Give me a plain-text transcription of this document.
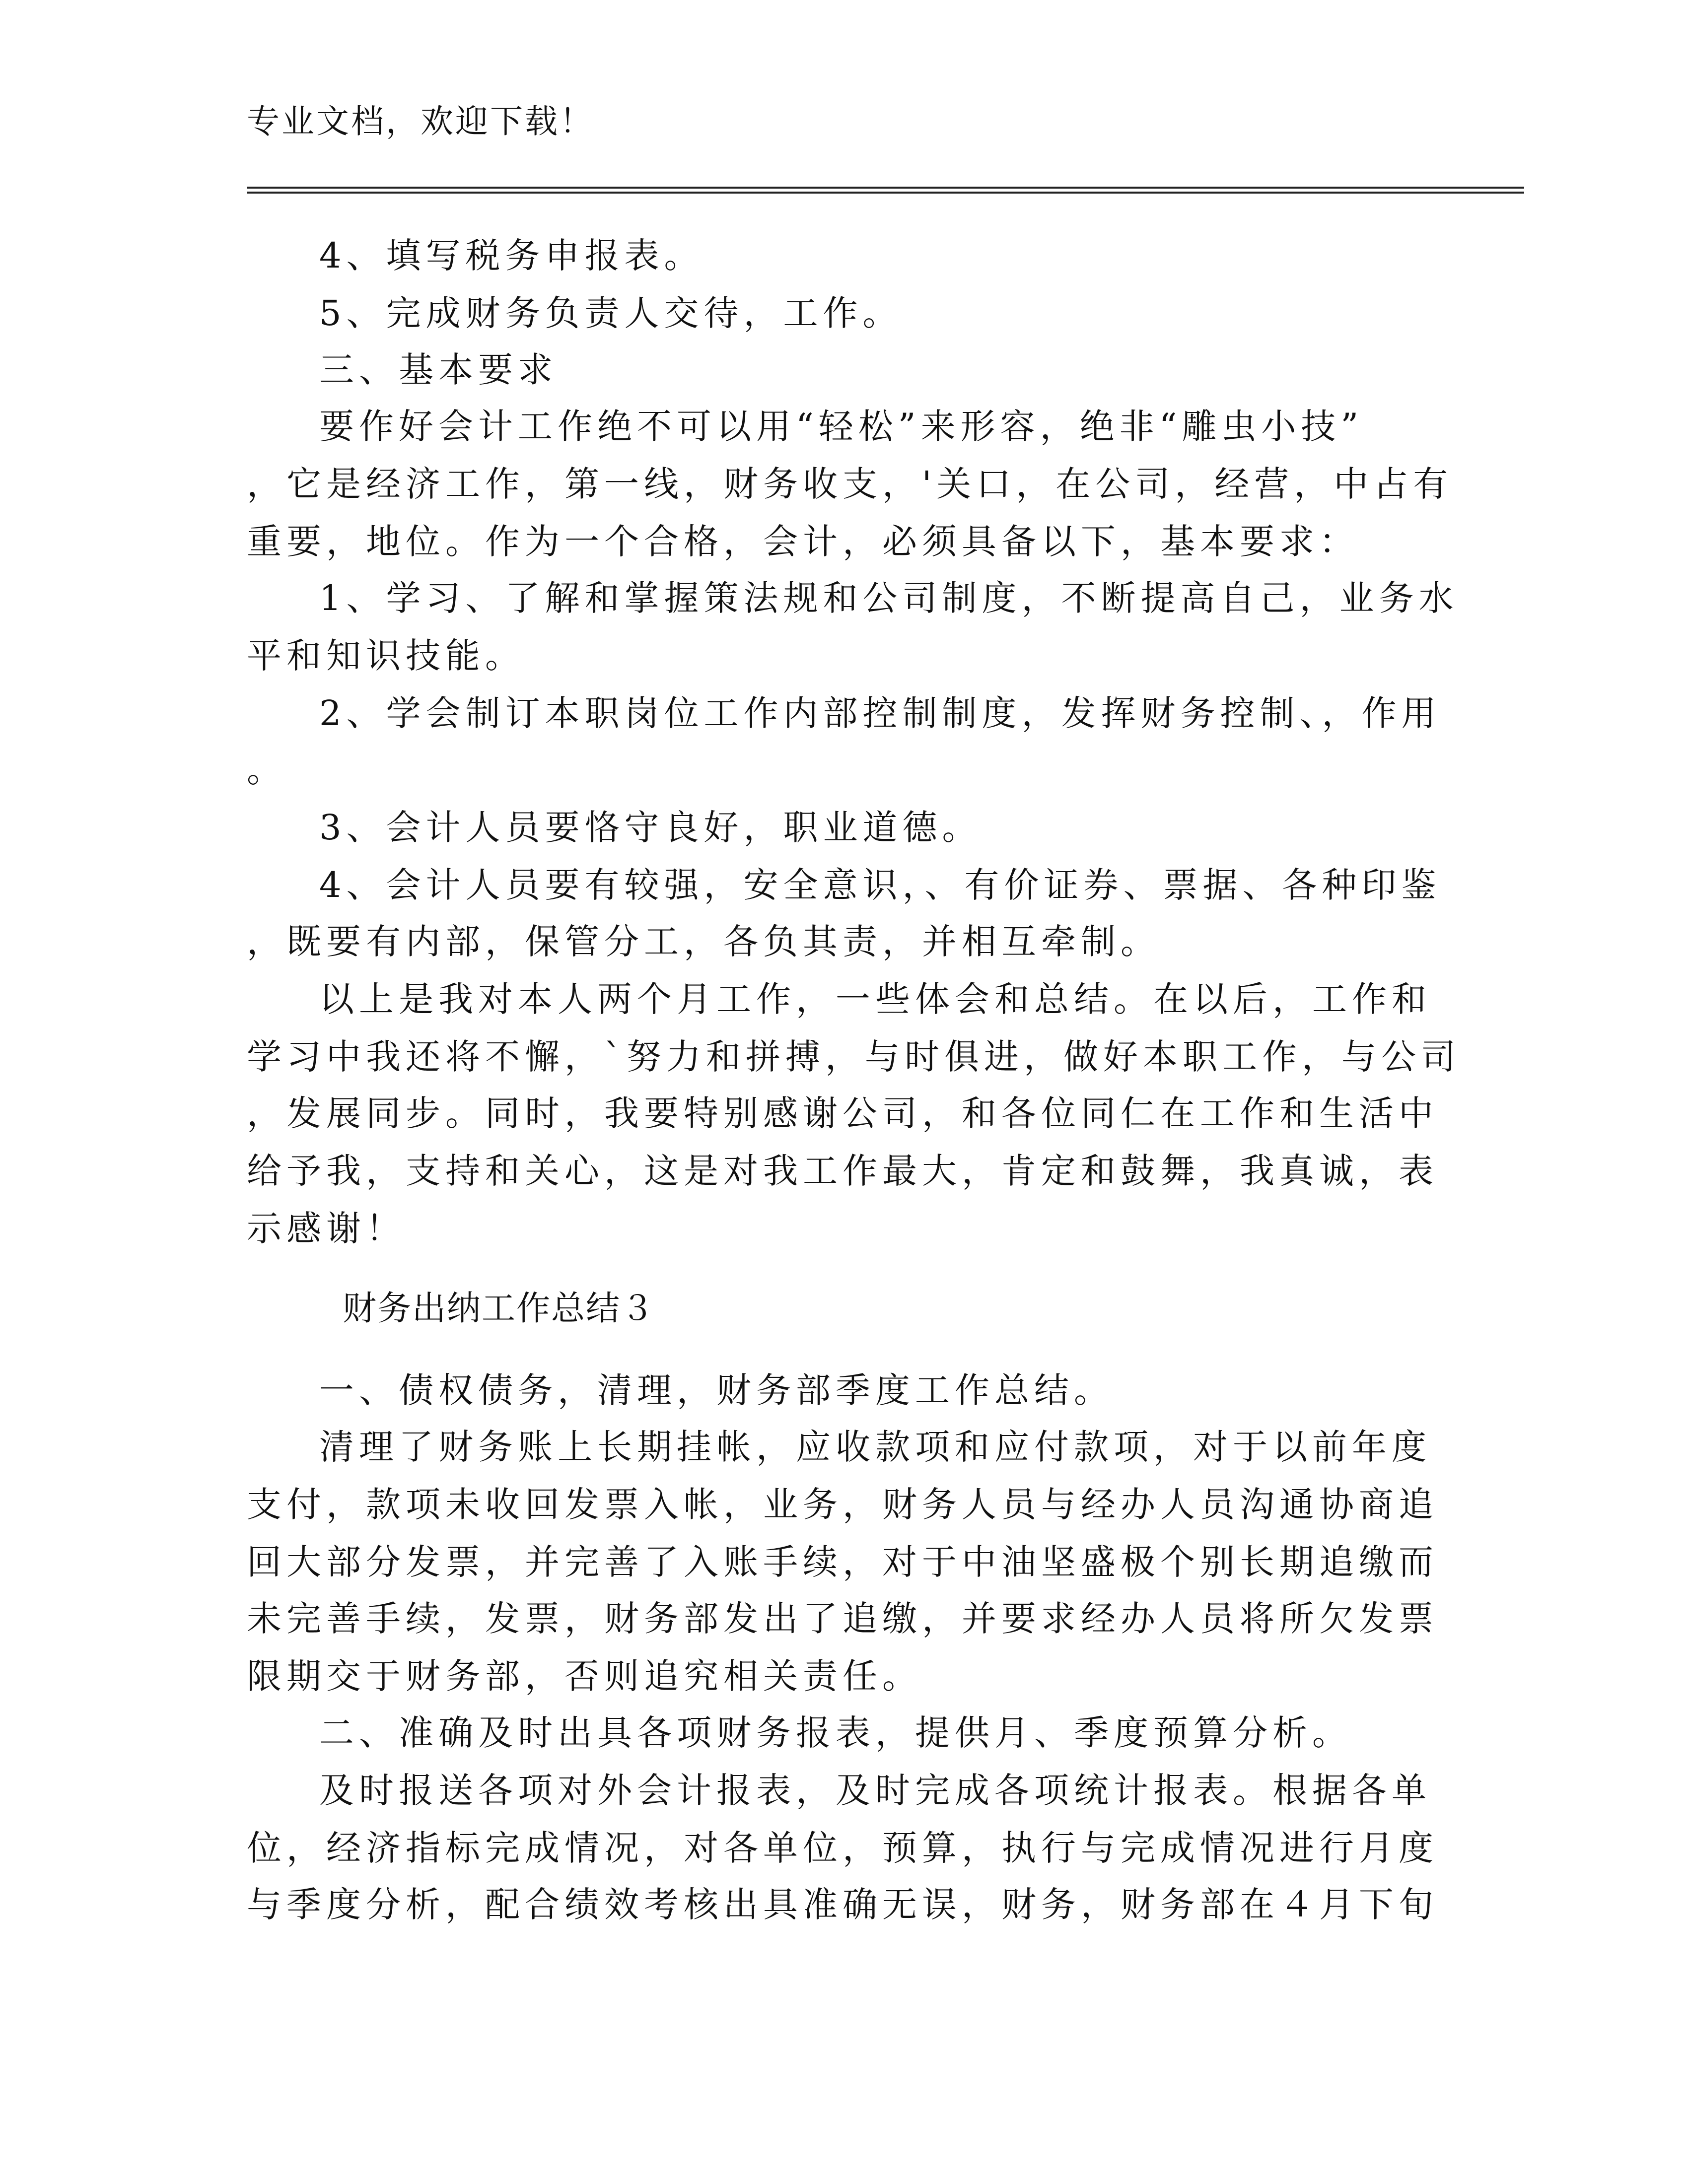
专业文档，欢迎下载！
4、填写税务申报表。
5、完成财务负责人交待，工作。
三、基本要求
要作好会计工作绝不可以用“轻松”来形容，绝非“雕虫小技”
，它是经济工作，第一线，财务收支，'关口，在公司，经营，中占有
重要，地位。作为一个合格，会计，必须具备以下，基本要求：
1、学习、了解和掌握策法规和公司制度，不断提高自己，业务水
平和知识技能。
2、学会制订本职岗位工作内部控制制度，发挥财务控制、，作用
。
3、会计人员要恪守良好，职业道德。
4、会计人员要有较强，安全意识，、有价证券、票据、各种印鉴
，既要有内部，保管分工，各负其责，并相互牵制。
以上是我对本人两个月工作，一些体会和总结。在以后，工作和
学习中我还将不懈，`努力和拼搏，与时俱进，做好本职工作，与公司
，发展同步。同时，我要特别感谢公司，和各位同仁在工作和生活中
给予我，支持和关心，这是对我工作最大，肯定和鼓舞，我真诚，表
示感谢！
财务出纳工作总结３
一、债权债务，清理，财务部季度工作总结。
清理了财务账上长期挂帐，应收款项和应付款项，对于以前年度
支付，款项未收回发票入帐，业务，财务人员与经办人员沟通协商追
回大部分发票，并完善了入账手续，对于中油坚盛极个别长期追缴而
未完善手续，发票，财务部发出了追缴，并要求经办人员将所欠发票
限期交于财务部，否则追究相关责任。
二、准确及时出具各项财务报表，提供月、季度预算分析。
及时报送各项对外会计报表，及时完成各项统计报表。根据各单
位，经济指标完成情况，对各单位，预算，执行与完成情况进行月度
与季度分析，配合绩效考核出具准确无误，财务，财务部在４月下旬
